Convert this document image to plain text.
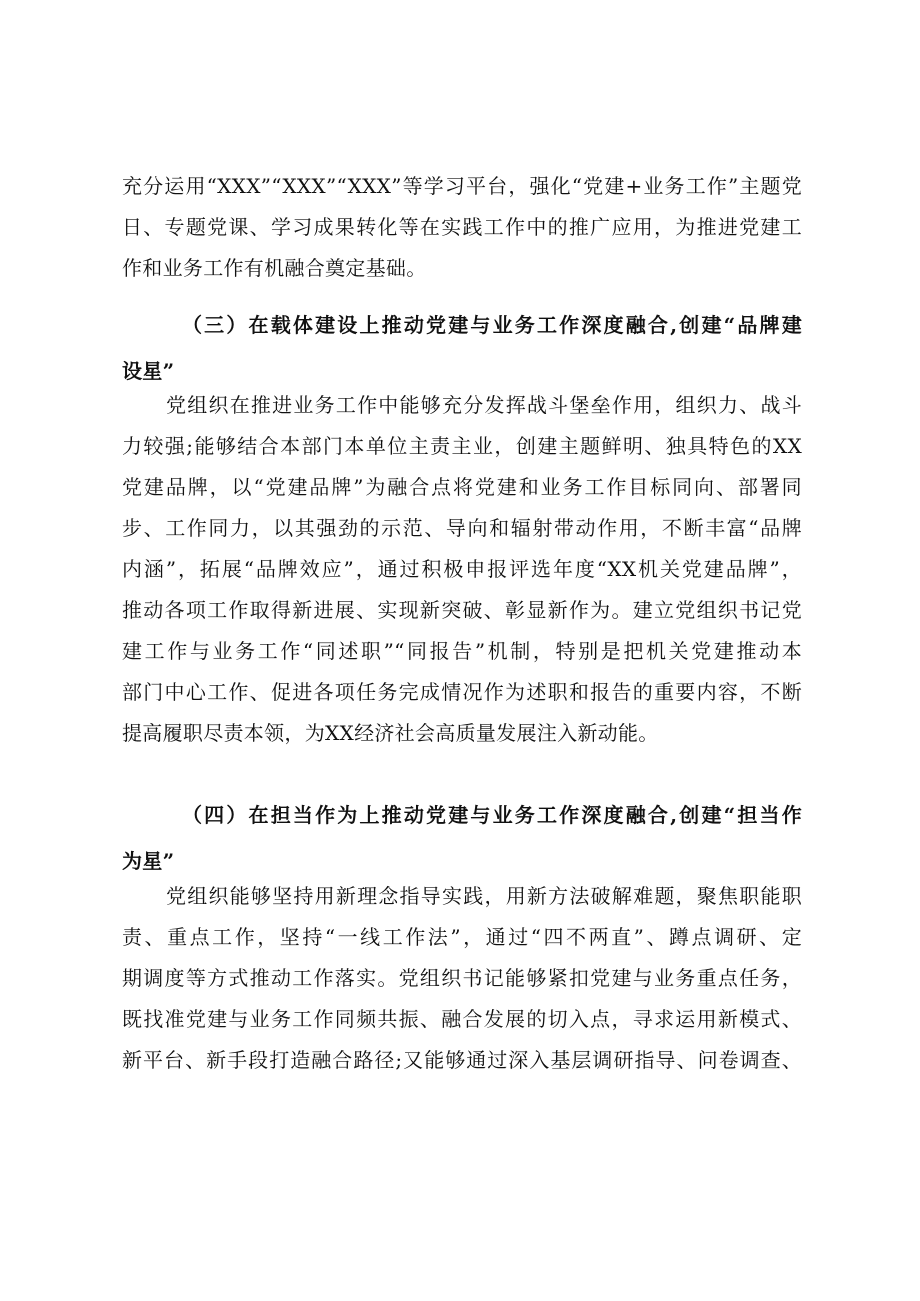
充分运用“XXX”“XXX”“XXX”等学习平台，强化“党建+业务工作”主题党
日、专题党课、学习成果转化等在实践工作中的推广应用，为推进党建工
作和业务工作有机融合奠定基础。
（三）在载体建设上推动党建与业务工作深度融合,创建“品牌建
设星”
党组织在推进业务工作中能够充分发挥战斗堡垒作用，组织力、战斗
力较强;能够结合本部门本单位主责主业，创建主题鲜明、独具特色的XX
党建品牌，以“党建品牌”为融合点将党建和业务工作目标同向、部署同
步、工作同力，以其强劲的示范、导向和辐射带动作用，不断丰富“品牌
内涵”，拓展“品牌效应”，通过积极申报评选年度“XX机关党建品牌”，
推动各项工作取得新进展、实现新突破、彰显新作为。建立党组织书记党
建工作与业务工作“同述职”“同报告”机制，特别是把机关党建推动本
部门中心工作、促进各项任务完成情况作为述职和报告的重要内容，不断
提高履职尽责本领，为XX经济社会高质量发展注入新动能。
（四）在担当作为上推动党建与业务工作深度融合,创建“担当作
为星”
党组织能够坚持用新理念指导实践，用新方法破解难题，聚焦职能职
责、重点工作，坚持“一线工作法”，通过“四不两直”、蹲点调研、定
期调度等方式推动工作落实。党组织书记能够紧扣党建与业务重点任务，
既找准党建与业务工作同频共振、融合发展的切入点，寻求运用新模式、
新平台、新手段打造融合路径;又能够通过深入基层调研指导、问卷调查、
